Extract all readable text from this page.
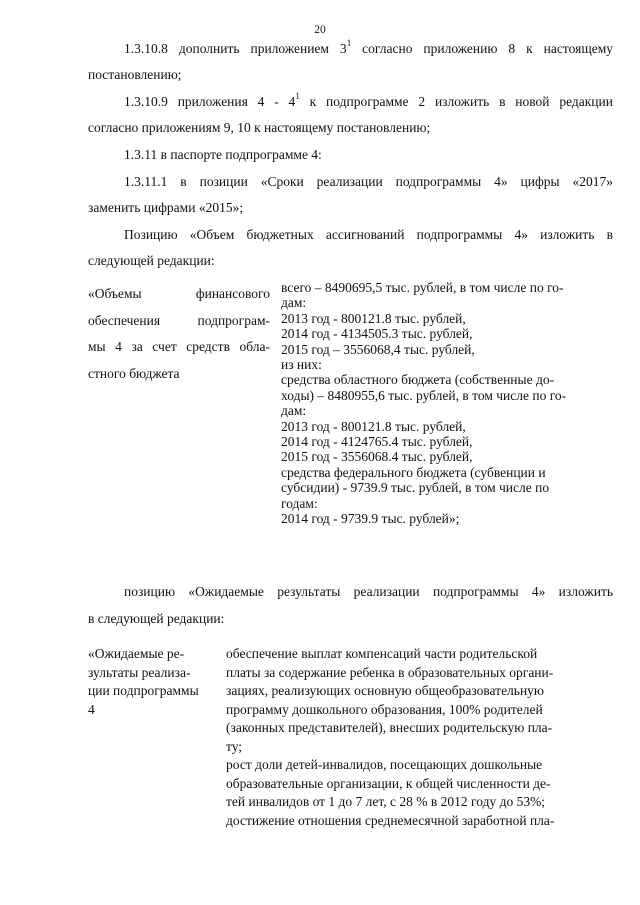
20
1.3.10.8 дополнить приложением $3^1$ согласно приложению 8 к настоящему
постановлению;
1.3.10.9 приложения $4 - 4^1$ к подпрограмме 2 изложить в новой редакции
согласно приложениям 9, 10 к настоящему постановлению;
1.3.11 в паспорте подпрограмме 4:
1.3.11.1 в позиции «Сроки реализации подпрограммы 4» цифры «2017»
заменить цифрами «2015»;
Позицию «Объем бюджетных ассигнований подпрограммы 4» изложить в
следующей редакции:
«Объемы финансового
обеспечения подпрограм-
мы 4 за счет средств обла-
стного бюджета
всего – 8490695,5 тыс. рублей, в том числе по го-
дам:
2013 год - 800121.8 тыс. рублей,
2014 год - 4134505.3 тыс. рублей,
2015 год – 3556068,4 тыс. рублей,
из них:
средства областного бюджета (собственные до-
ходы) – 8480955,6 тыс. рублей, в том числе по го-
дам:
2013 год - 800121.8 тыс. рублей,
2014 год - 4124765.4 тыс. рублей,
2015 год - 3556068.4 тыс. рублей,
средства федерального бюджета (субвенции и
субсидии) - 9739.9 тыс. рублей, в том числе по
годам:
2014 год - 9739.9 тыс. рублей»;
позицию «Ожидаемые результаты реализации подпрограммы 4» изложить
в следующей редакции:
«Ожидаемые ре-
зультаты реализа-
ции подпрограммы
4
обеспечение выплат компенсаций части родительской
платы за содержание ребенка в образовательных органи-
зациях, реализующих основную общеобразовательную
программу дошкольного образования, 100% родителей
(законных представителей), внесших родительскую пла-
ту;
рост доли детей-инвалидов, посещающих дошкольные
образовательные организации, к общей численности де-
тей инвалидов от 1 до 7 лет, с 28 % в 2012 году до 53%;
достижение отношения среднемесячной заработной пла-
